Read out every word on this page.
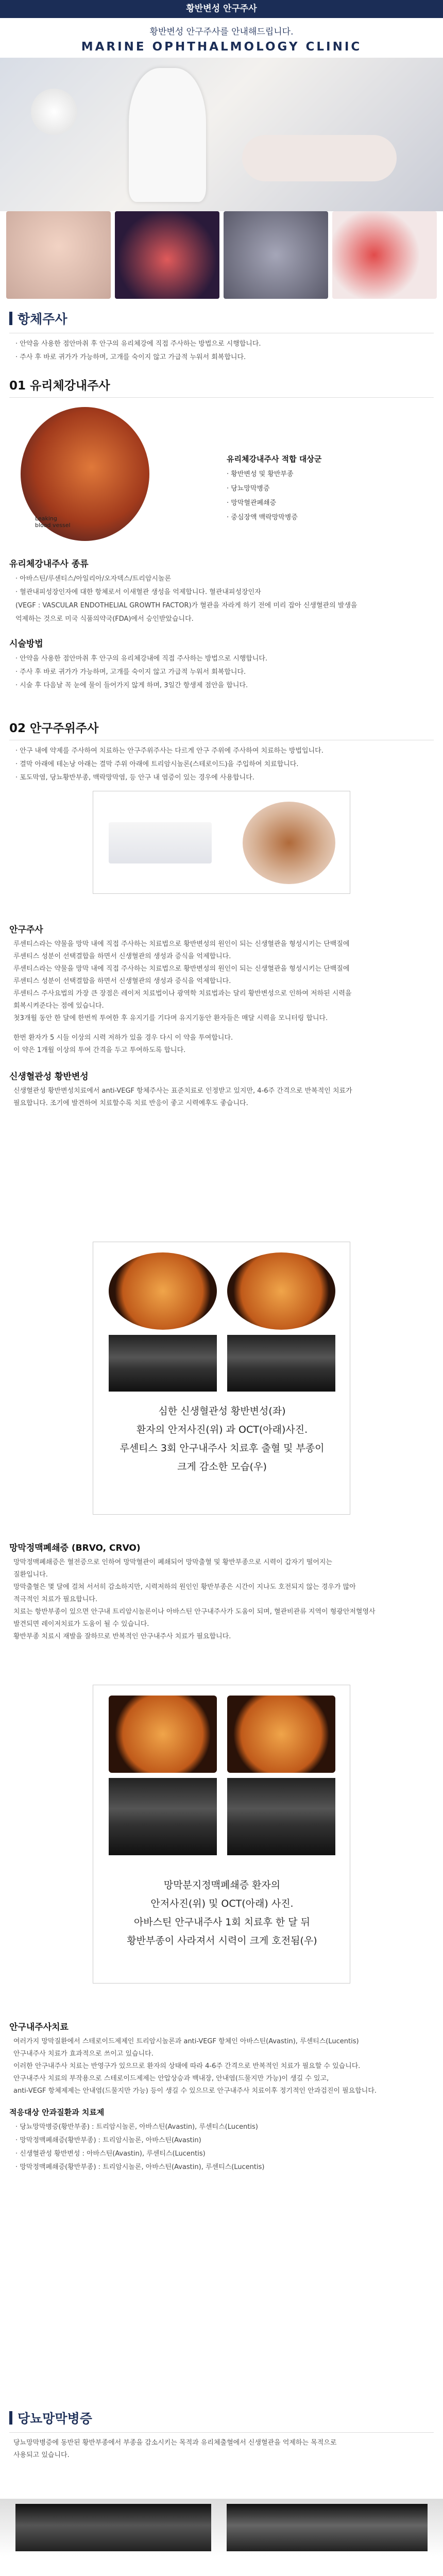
황반변성 안구주사
황반변성 안구주사를 안내해드립니다.
MARINE OPHTHALMOLOGY CLINIC
항체주사
· 안약을 사용한 점안마취 후 안구의 유리체강에 직접 주사하는 방법으로 시행합니다.
· 주사 후 바로 귀가가 가능하며, 고개를 숙이지 않고 가급적 누워서 회복합니다.
01 유리체강내주사
Leaking blood vessel
유리체강내주사 적합 대상군
· 황반변성 및 황반부종
· 당뇨망막병증
· 망막혈관폐쇄증
· 중심장액 맥락망막병증
유리체강내주사 종류
· 아바스틴/루센티스/아일리아/오자덱스/트리암시놀론
· 혈관내피성장인자에 대한 항체로서 이새혈관 생성을 억제합니다. 혈관내피성장인자
(VEGF : VASCULAR ENDOTHELIAL GROWTH FACTOR)가 혈관을 자라게 하기 전에 미리 잡아 신생혈관의 발생을
억제하는 것으로 미국 식품의약국(FDA)에서 승인받았습니다.
시술방법
· 안약을 사용한 점안마취 후 안구의 유리체강내에 직접 주사하는 방법으로 시행합니다.
· 주사 후 바로 귀가가 가능하며, 고개를 숙이지 않고 가급적 누워서 회복합니다.
· 시술 후 다음날 꼭 눈에 물이 들어가지 않게 하며, 3일간 항생제 점안을 합니다.
02 안구주위주사
· 안구 내에 약제를 주사하여 치료하는 안구주위주사는 다르게 안구 주위에 주사하여 치료하는 방법입니다.
· 결막 아래에 테논낭 아래는 결막 주위 아래에 트리암시놀론(스테로이드)을 주입하여 치료합니다.
· 포도막염, 당뇨황반부종, 맥락망막염, 등 안구 내 염증이 있는 경우에 사용합니다.
안구주사
루센티스라는 약물을 망막 내에 직접 주사하는 치료법으로 황반변성의 원인이 되는 신생혈관을 형성시키는 단백질에
루센티스 성분이 선택결합을 하면서 신생혈관의 생성과 증식을 억제합니다.
루센티스라는 약물을 망막 내에 직접 주사하는 치료법으로 황반변성의 원인이 되는 신생혈관을 형성시키는 단백질에
루센티스 성분이 선택결합을 하면서 신생혈관의 생성과 증식을 억제합니다.
루센티스 주사요법의 가장 큰 장점은 레이저 치료법이나 광역학 치료법과는 달리 황반변성으로 인하여 저하된 시력을
회복시켜준다는 점에 있습니다.
첫3개월 동안 한 달에 한번씩 투여한 후 유지기를 기다며 유지기동안 환자들은 매달 시력을 모니터링 합니다.
한번 환자가 5 시들 이상의 시력 저하가 있을 경우 다시 이 약을 투여합니다.
이 약은 1개월 이상의 투여 간격을 두고 투여하도록 합니다.
신생혈관성 황반변성
신생혈관성 황반변성치료에서 anti-VEGF 항체주사는 표준치료로 인정받고 있지만, 4-6주 간격으로 반복적인 치료가
필요합니다. 조기에 발견하여 치료할수록 치료 반응이 좋고 시력예후도 좋습니다.
심한 신생혈관성 황반변성(좌)
환자의 안저사진(위) 과 OCT(아래)사진.
루센티스 3회 안구내주사 치료후 출혈 및 부종이
크게 감소한 모습(우)
망막정맥폐쇄증 (BRVO, CRVO)
망막정맥폐쇄증은 혈전증으로 인하여 망막혈관이 폐쇄되어 망막출혈 및 황반부종으로 시력이 갑자기 떨어지는
질환입니다.
망막출혈은 몇 달에 걸쳐 서서히 감소하지만, 시력저하의 원인인 황반부종은 시간이 지나도 호전되지 않는 경우가 많아
적극적인 치료가 필요합니다.
치료는 항반부종이 있으면 안구내 트리암시놀론이나 아바스틴 안구내주사가 도움이 되며, 혈관비관류 지역이 형광안저혈영사
발견되면 레이저치료가 도움이 될 수 있습니다.
황반부종 치료시 재발을 잘하므로 반복적인 안구내주사 치료가 필요합니다.
망막분지정맥폐쇄증 환자의
안저사진(위) 및 OCT(아래) 사진.
아바스틴 안구내주사 1회 치료후 한 달 뒤
황반부종이 사라져서 시력이 크게 호전됨(우)
안구내주사치료
여러가지 망막질환에서 스테로이드제제인 트리암시놀론과 anti-VEGF 항체인 아바스틴(Avastin), 루센티스(Lucentis)
안구내주사 치료가 효과적으로 쓰이고 있습니다.
이러한 안구내주사 치료는 반영구가 있으므로 환자의 상태에 따라 4-6주 간격으로 반복적인 치료가 필요할 수 있습니다.
안구내주사 치료의 부작용으로 스테로이드제제는 안압상승과 백내장, 안내염(드물지만 가능)이 생길 수 있고,
anti-VEGF 항체제제는 안내염(드물지만 가능) 등이 생길 수 있으므로 안구내주사 치료이후 정기적인 안과검진이 필요합니다.
적응대상 안과질환과 치료제
· 당뇨망막병증(황반부종) : 트리암시놀론, 아바스틴(Avastin), 루센티스(Lucentis)
· 망막정맥폐쇄증(황반부종) : 트리암시놀론, 아바스틴(Avastin)
· 신생혈관성 황반변성 : 아바스틴(Avastin), 루센티스(Lucentis)
· 망막정맥폐쇄증(황반부종) : 트리암시놀론, 아바스틴(Avastin), 루센티스(Lucentis)
당뇨망막병증
당뇨망막병증에 동반된 황반부종에서 부종을 감소시키는 목적과 유리체출혈에서 신생혈관을 억제하는 목적으로
사용되고 있습니다.
